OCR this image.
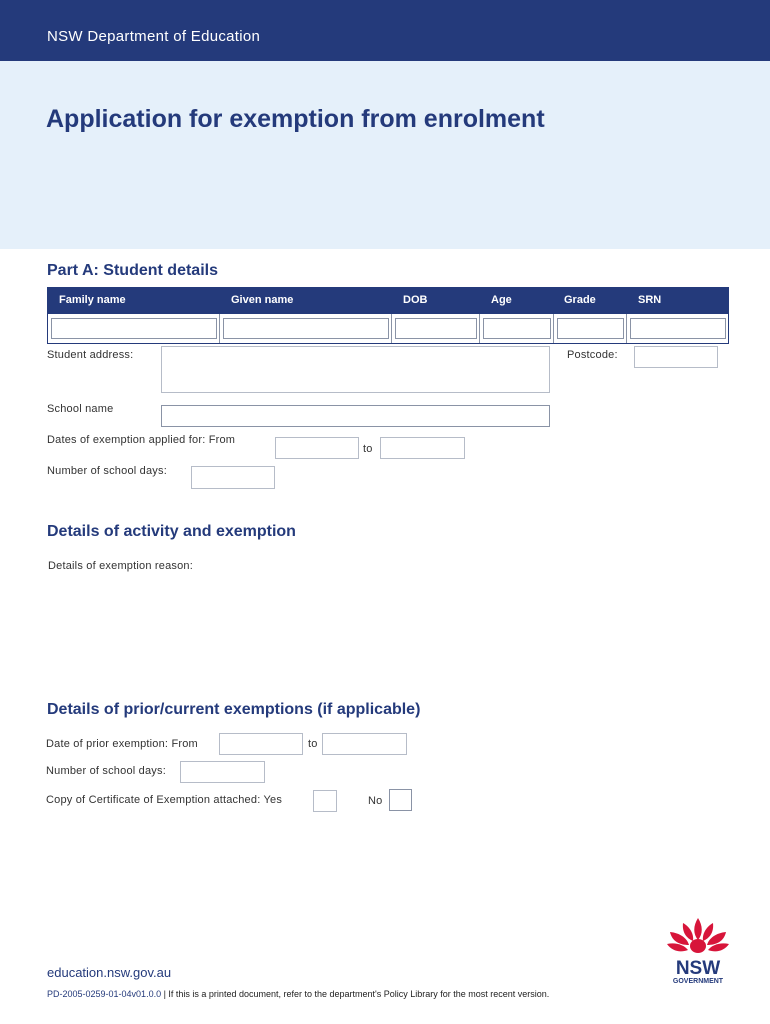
NSW Department of Education
Application for exemption from enrolment
Part A: Student details
Family name	Given name	DOB	Age	Grade	SRN
Student address:	Postcode:
School name
Dates of exemption applied for: From
to
Number of school days:
Details of activity and exemption
Details of exemption reason:
Details of prior/current exemptions (if applicable)
Date of prior exemption: From	to
Number of school days:
Copy of Certificate of Exemption attached: Yes	No
education.nsw.gov.au
PD-2005-0259-01-04v01.0.0 | If this is a printed document, refer to the department's Policy Library for the most recent version.
NSW
GOVERNMENT
